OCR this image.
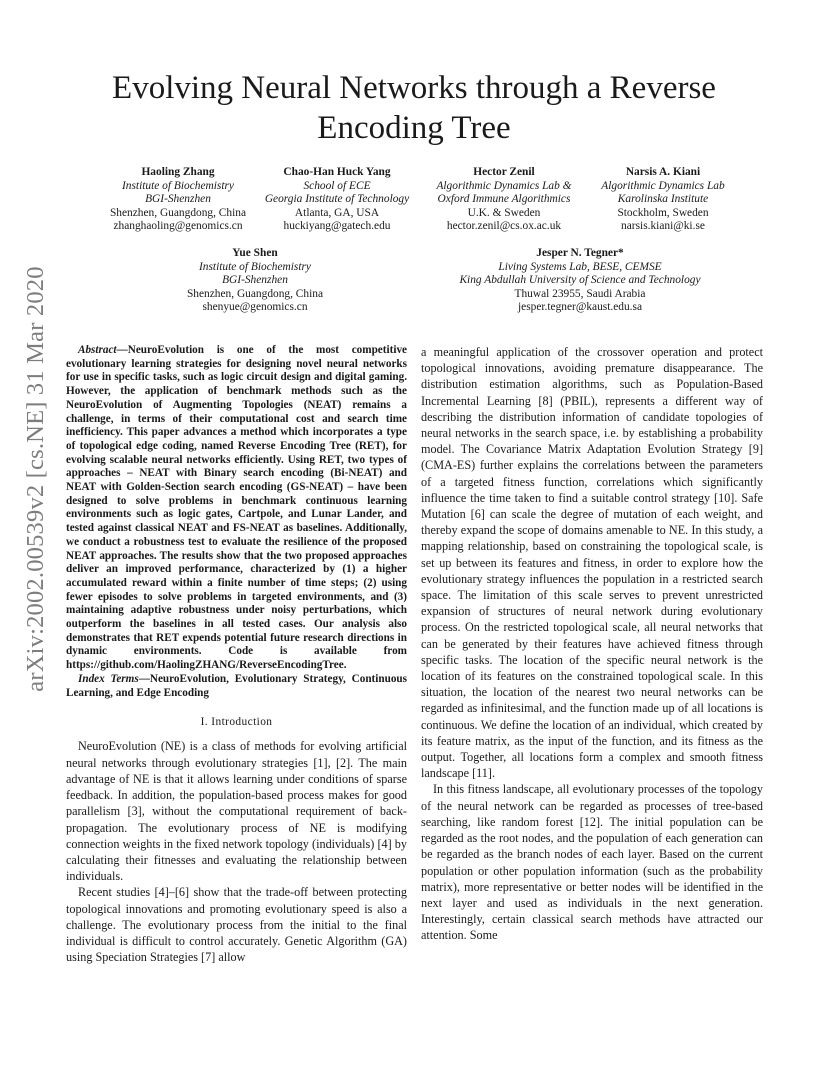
arXiv:2002.00539v2 [cs.NE] 31 Mar 2020
Evolving Neural Networks through a Reverse
Encoding Tree
Haoling Zhang
Institute of Biochemistry
BGI-Shenzhen
Shenzhen, Guangdong, China
zhanghaoling@genomics.cn
Chao-Han Huck Yang
School of ECE
Georgia Institute of Technology
Atlanta, GA, USA
huckiyang@gatech.edu
Hector Zenil
Algorithmic Dynamics Lab &
Oxford Immune Algorithmics
U.K. & Sweden
hector.zenil@cs.ox.ac.uk
Narsis A. Kiani
Algorithmic Dynamics Lab
Karolinska Institute
Stockholm, Sweden
narsis.kiani@ki.se
Yue Shen
Institute of Biochemistry
BGI-Shenzhen
Shenzhen, Guangdong, China
shenyue@genomics.cn
Jesper N. Tegner*
Living Systems Lab, BESE, CEMSE
King Abdullah University of Science and Technology
Thuwal 23955, Saudi Arabia
jesper.tegner@kaust.edu.sa

Abstract—NeuroEvolution is one of the most competitive evolutionary learning strategies for designing novel neural networks for use in specific tasks, such as logic circuit design and digital gaming. However, the application of benchmark methods such as the NeuroEvolution of Augmenting Topologies (NEAT) remains a challenge, in terms of their computational cost and search time inefficiency. This paper advances a method which incorporates a type of topological edge coding, named Reverse Encoding Tree (RET), for evolving scalable neural networks efficiently. Using RET, two types of approaches – NEAT with Binary search encoding (Bi-NEAT) and NEAT with Golden-Section search encoding (GS-NEAT) – have been designed to solve problems in benchmark continuous learning environments such as logic gates, Cartpole, and Lunar Lander, and tested against classical NEAT and FS-NEAT as baselines. Additionally, we conduct a robustness test to evaluate the resilience of the proposed NEAT approaches. The results show that the two proposed approaches deliver an improved performance, characterized by (1) a higher accumulated reward within a finite number of time steps; (2) using fewer episodes to solve problems in targeted environments, and (3) maintaining adaptive robustness under noisy perturbations, which outperform the baselines in all tested cases. Our analysis also demonstrates that RET expends potential future research directions in dynamic environments. Code is available from https://github.com/HaolingZHANG/ReverseEncodingTree.

Index Terms—NeuroEvolution, Evolutionary Strategy, Continuous Learning, and Edge Encoding

I. Introduction

NeuroEvolution (NE) is a class of methods for evolving artificial neural networks through evolutionary strategies [1], [2]. The main advantage of NE is that it allows learning under conditions of sparse feedback. In addition, the population-based process makes for good parallelism [3], without the computational requirement of back-propagation. The evolutionary process of NE is modifying connection weights in the fixed network topology (individuals) [4] by calculating their fitnesses and evaluating the relationship between individuals.

Recent studies [4]–[6] show that the trade-off between protecting topological innovations and promoting evolutionary speed is also a challenge. The evolutionary process from the initial to the final individual is difficult to control accurately. Genetic Algorithm (GA) using Speciation Strategies [7] allow

a meaningful application of the crossover operation and protect topological innovations, avoiding premature disappearance. The distribution estimation algorithms, such as Population-Based Incremental Learning [8] (PBIL), represents a different way of describing the distribution information of candidate topologies of neural networks in the search space, i.e. by establishing a probability model. The Covariance Matrix Adaptation Evolution Strategy [9] (CMA-ES) further explains the correlations between the parameters of a targeted fitness function, correlations which significantly influence the time taken to find a suitable control strategy [10]. Safe Mutation [6] can scale the degree of mutation of each weight, and thereby expand the scope of domains amenable to NE. In this study, a mapping relationship, based on constraining the topological scale, is set up between its features and fitness, in order to explore how the evolutionary strategy influences the population in a restricted search space. The limitation of this scale serves to prevent unrestricted expansion of structures of neural network during evolutionary process. On the restricted topological scale, all neural networks that can be generated by their features have achieved fitness through specific tasks. The location of the specific neural network is the location of its features on the constrained topological scale. In this situation, the location of the nearest two neural networks can be regarded as infinitesimal, and the function made up of all locations is continuous. We define the location of an individual, which created by its feature matrix, as the input of the function, and its fitness as the output. Together, all locations form a complex and smooth fitness landscape [11].

In this fitness landscape, all evolutionary processes of the topology of the neural network can be regarded as processes of tree-based searching, like random forest [12]. The initial population can be regarded as the root nodes, and the population of each generation can be regarded as the branch nodes of each layer. Based on the current population or other population information (such as the probability matrix), more representative or better nodes will be identified in the next layer and used as individuals in the next generation. Interestingly, certain classical search methods have attracted our attention. Some
